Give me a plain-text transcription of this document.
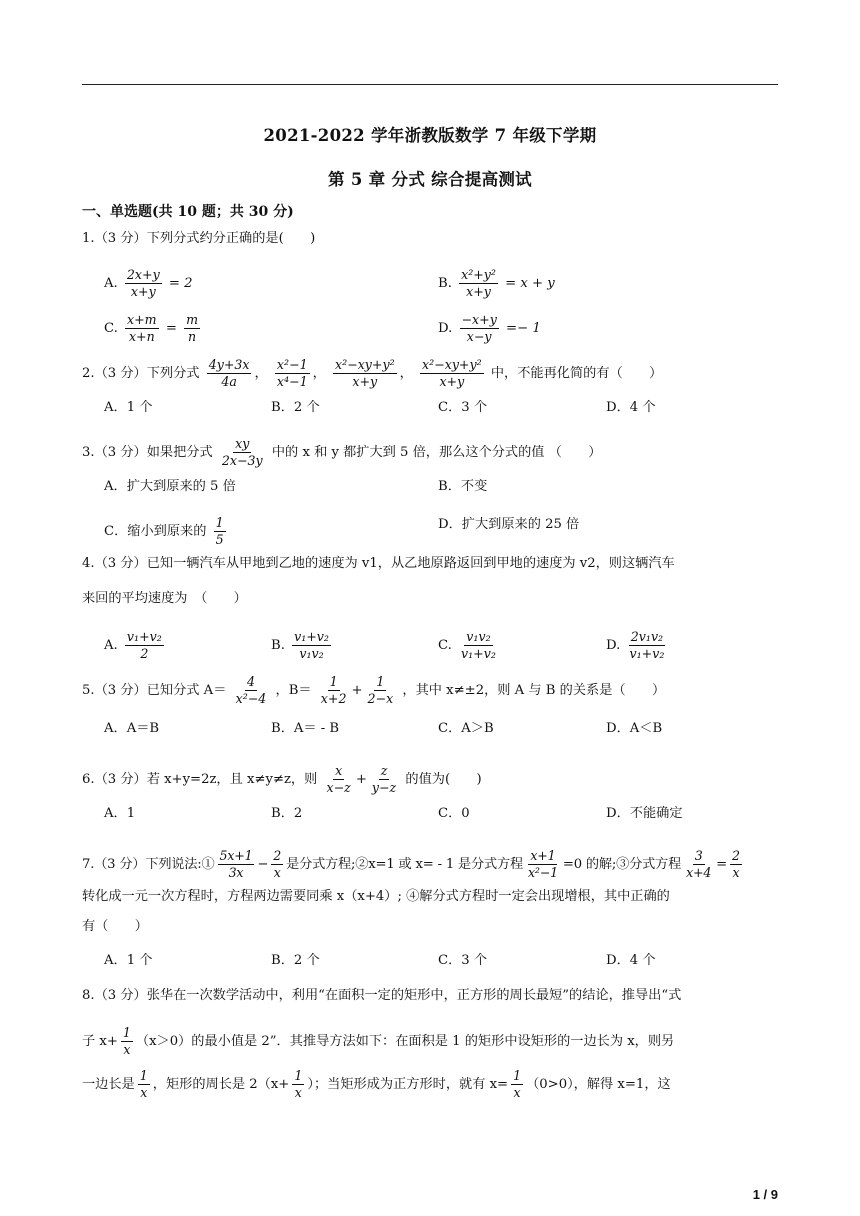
2021-2022 学年浙教版数学 7 年级下学期
第 5 章 分式 综合提高测试
一、单选题(共 10 题；共 30 分)
1.（3 分）下列分式约分正确的是(　　)
A. $\frac{2x+y}{x+y} = 2$	B. $\frac{\text{x²+y²}}{x+y} = x + y$
C. $\frac{x+m}{x+n} = \frac{m}{n}$	D. $\frac{-x+y}{x-y} =- 1$
2.（3 分）下列分式 $\frac{4y+3x}{4a}$ ， $\frac{\text{x²−1}}{\text{x⁴−1}}$ ， $\frac{\text{x²−xy+y²}}{x+y}$ ， $\frac{\text{x²−xy+y²}}{x+y}$ 中，不能再化简的有（　　）
A．1 个	B．2 个	C．3 个	D．4 个
3.（3 分）如果把分式 $\frac{xy}{2x-3y}$ 中的 x 和 y 都扩大到 5 倍，那么这个分式的值 （　　）
A．扩大到原来的 5 倍	B．不变
C．缩小到原来的 $\frac{1}{5}$	D．扩大到原来的 25 倍
4.（3 分）已知一辆汽车从甲地到乙地的速度为 v1，从乙地原路返回到甲地的速度为 v2，则这辆汽车
来回的平均速度为　（　　）
A. $\frac{\text{v₁+v₂}}{2}$	B. $\frac{\text{v₁+v₂}}{\text{v₁v₂}}$	C. $\frac{\text{v₁v₂}}{\text{v₁+v₂}}$	D. $\frac{\text{2v₁v₂}}{\text{v₁+v₂}}$
5.（3 分）已知分式 $A= \frac{4}{\text{x²−4}}$ ，$B= \frac{1}{x+2} + \frac{1}{2-x}$ ，其中 x≠±2，则 A 与 B 的关系是（　　）
A．A＝B	B．A＝ - B	C．A＞B	D．A＜B
6.（3 分）若 x+y=2z，且 x≠y≠z，则 $\frac{x}{x-z} + \frac{z}{y-z}$ 的值为(　　)
A．1	B．2	C．0	D．不能确定
7.（3 分）下列说法:① $\frac{5x+1}{3x} - \frac{2}{x}$ 是分式方程;②x=1 或 x= - 1 是分式方程 $\frac{x+1}{\text{x²−1}} =0$ 的解;③分式方程 $\frac{3}{x+4} = \frac{2}{x}$
转化成一元一次方程时，方程两边需要同乘 x（x+4）; ④解分式方程时一定会出现增根，其中正确的
有（　　）
A．1 个	B．2 个	C．3 个	D．4 个
8.（3 分）张华在一次数学活动中，利用“在面积一定的矩形中，正方形的周长最短”的结论，推导出“式
子 $x+ \frac{1}{x} (x>0)$的最小值是 2”．其推导方法如下：在面积是 1 的矩形中设矩形的一边长为 x，则另
一边长是 $\frac{1}{x}$ ，矩形的周长是 $2(x+ \frac{1}{x}$ ）；当矩形成为正方形时，就有 $x= \frac{1}{x} (0>0)$，解得 x=1，这
1 / 9
